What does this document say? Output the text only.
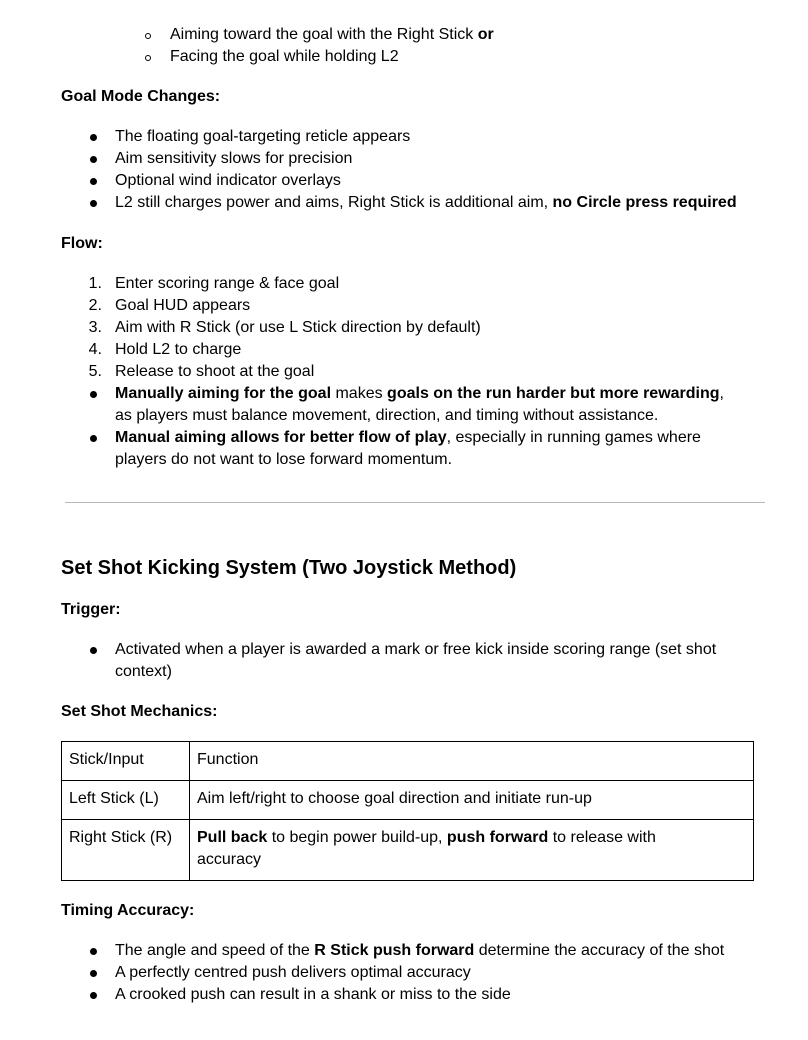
Aiming toward the goal with the Right Stick or
Facing the goal while holding L2
Goal Mode Changes:
The floating goal-targeting reticle appears
Aim sensitivity slows for precision
Optional wind indicator overlays
L2 still charges power and aims, Right Stick is additional aim, no Circle press required
Flow:
1. Enter scoring range & face goal
2. Goal HUD appears
3. Aim with R Stick (or use L Stick direction by default)
4. Hold L2 to charge
5. Release to shoot at the goal
Manually aiming for the goal makes goals on the run harder but more rewarding,
as players must balance movement, direction, and timing without assistance.
Manual aiming allows for better flow of play, especially in running games where
players do not want to lose forward momentum.
Set Shot Kicking System (Two Joystick Method)
Trigger:
Activated when a player is awarded a mark or free kick inside scoring range (set shot
context)
Set Shot Mechanics:
Stick/Input	Function
Left Stick (L)	Aim left/right to choose goal direction and initiate run-up
Right Stick (R)	Pull back to begin power build-up, push forward to release with
accuracy
Timing Accuracy:
The angle and speed of the R Stick push forward determine the accuracy of the shot
A perfectly centred push delivers optimal accuracy
A crooked push can result in a shank or miss to the side
